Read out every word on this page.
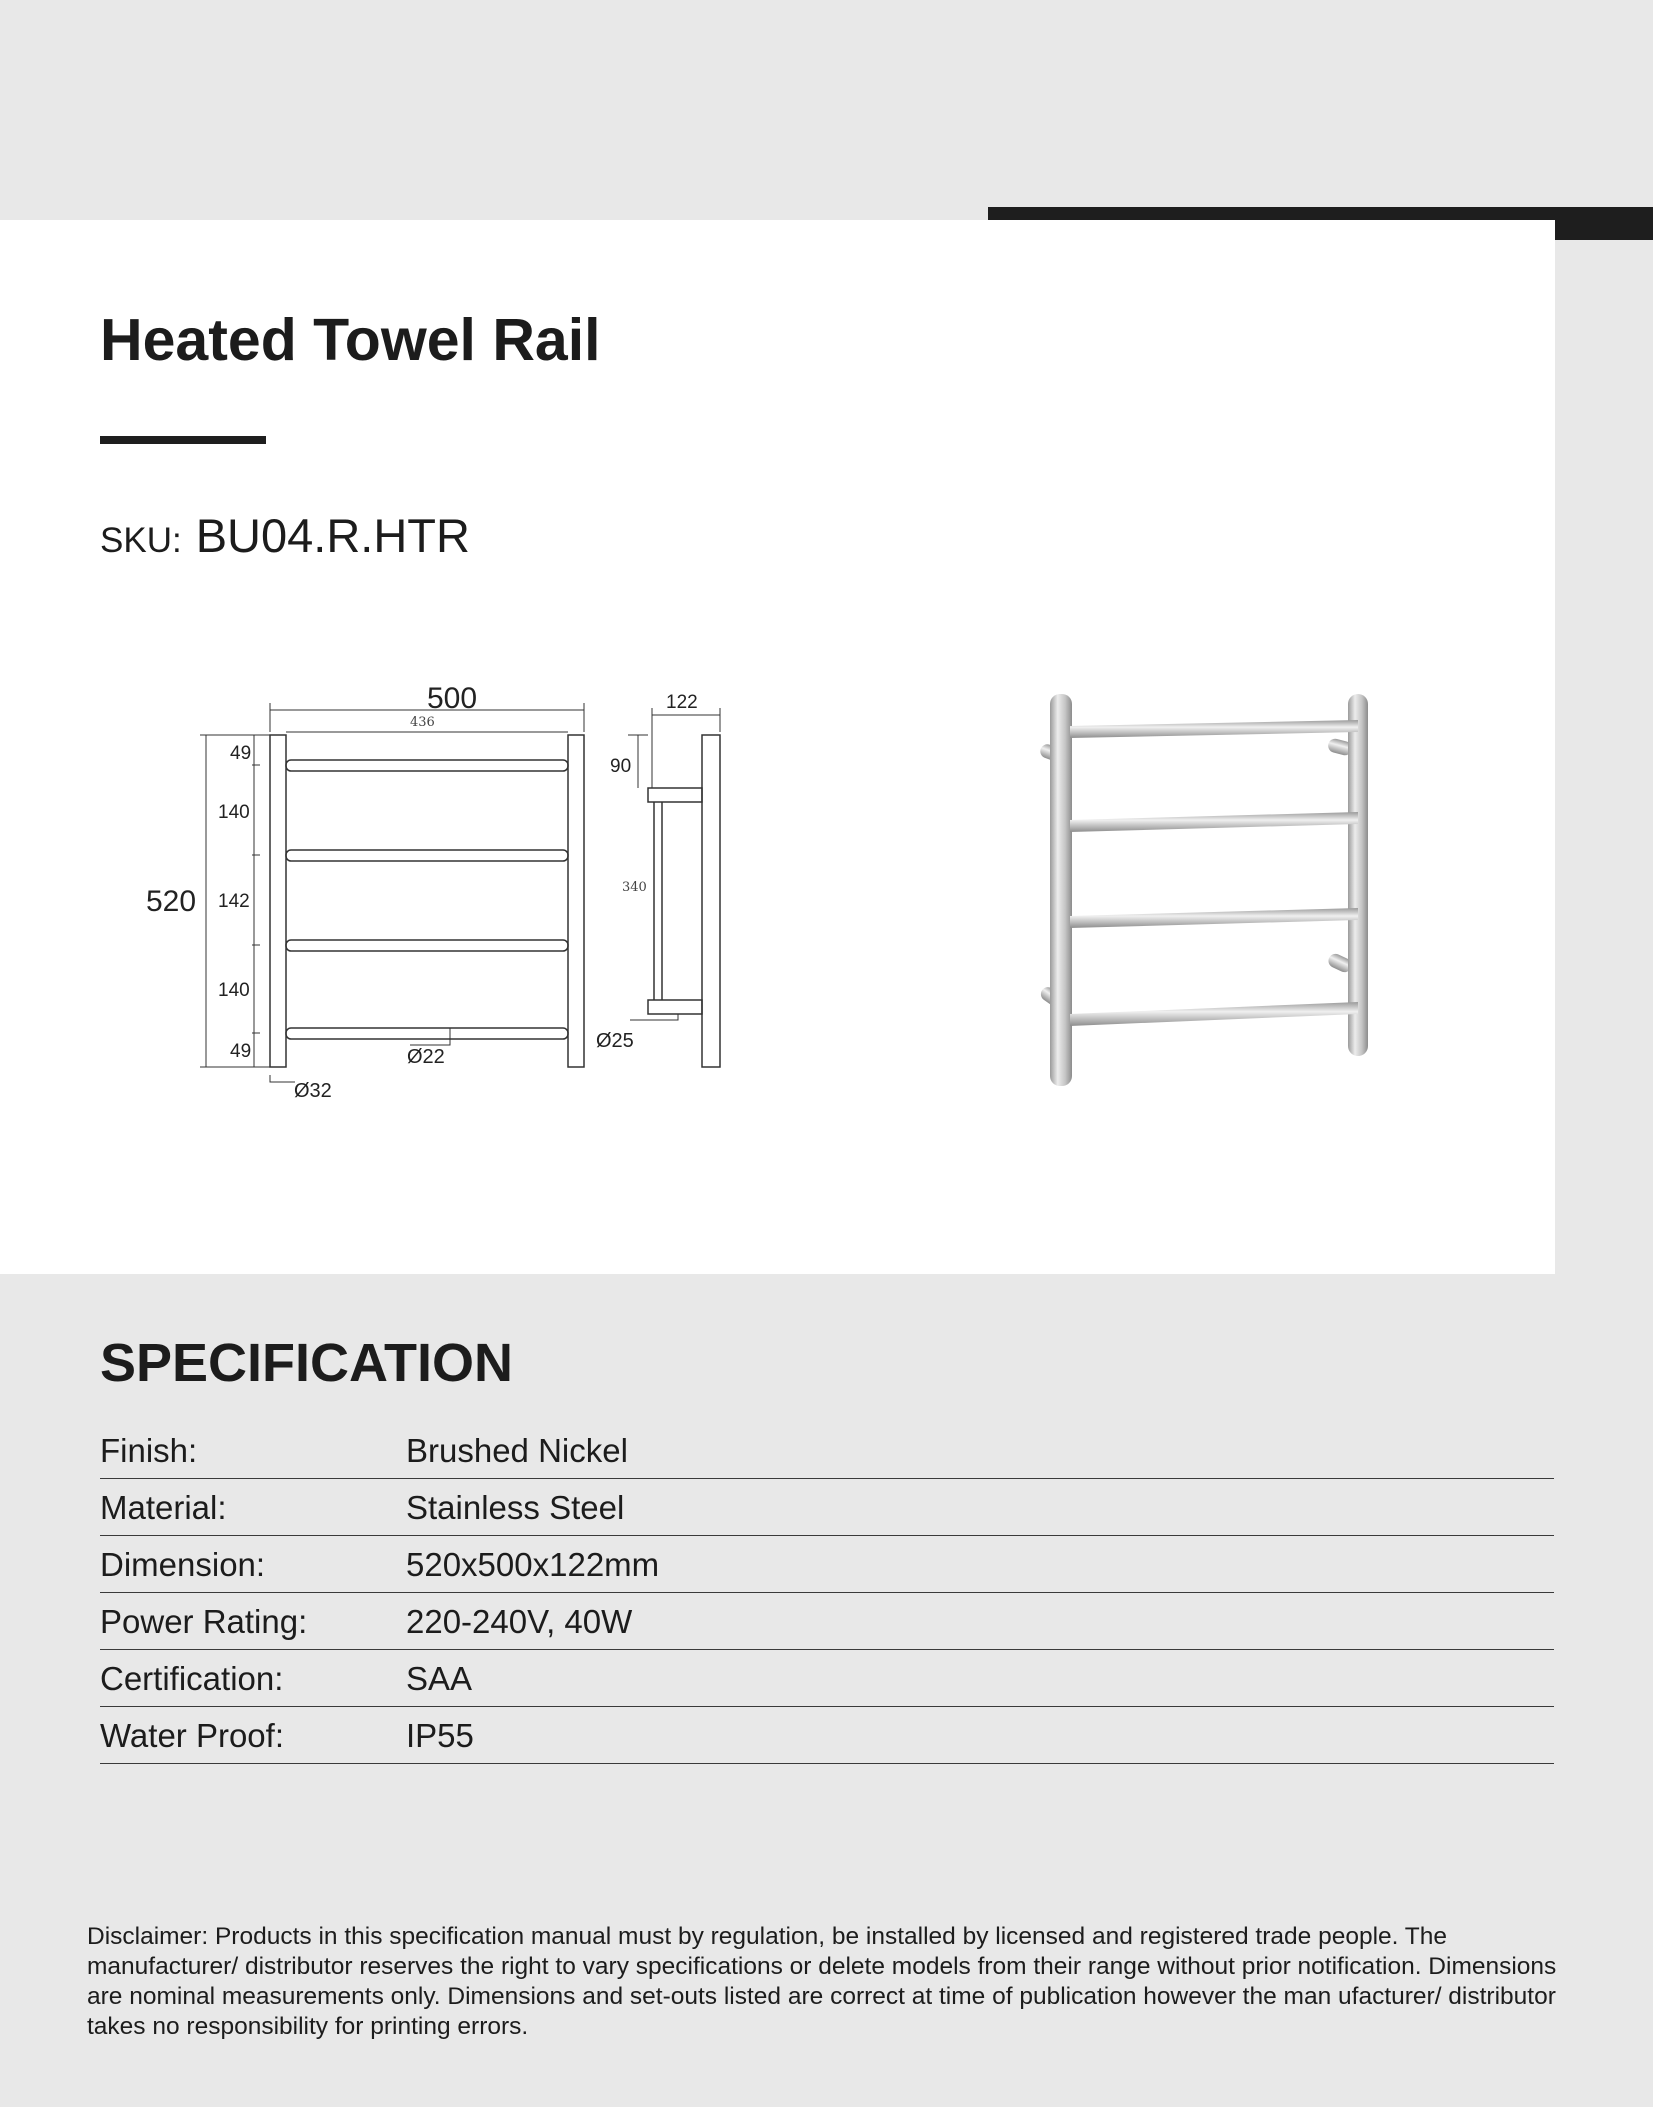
Heated Towel Rail
SKU: BU04.R.HTR
500
436
122
520
49
140
142
140
49
90
340
Ø22
Ø32
Ø25
SPECIFICATION
Finish:	Brushed Nickel
Material:	Stainless Steel
Dimension:	520x500x122mm
Power Rating:	220-240V, 40W
Certification:	SAA
Water Proof:	IP55

Disclaimer: Products in this specification manual must by regulation, be installed by licensed and registered trade people. The manufacturer/ distributor reserves the right to vary specifications or delete models from their range without prior notification. Dimensions are nominal measurements only. Dimensions and set-outs listed are correct at time of publication however the man ufacturer/ distributor takes no responsibility for printing errors.
